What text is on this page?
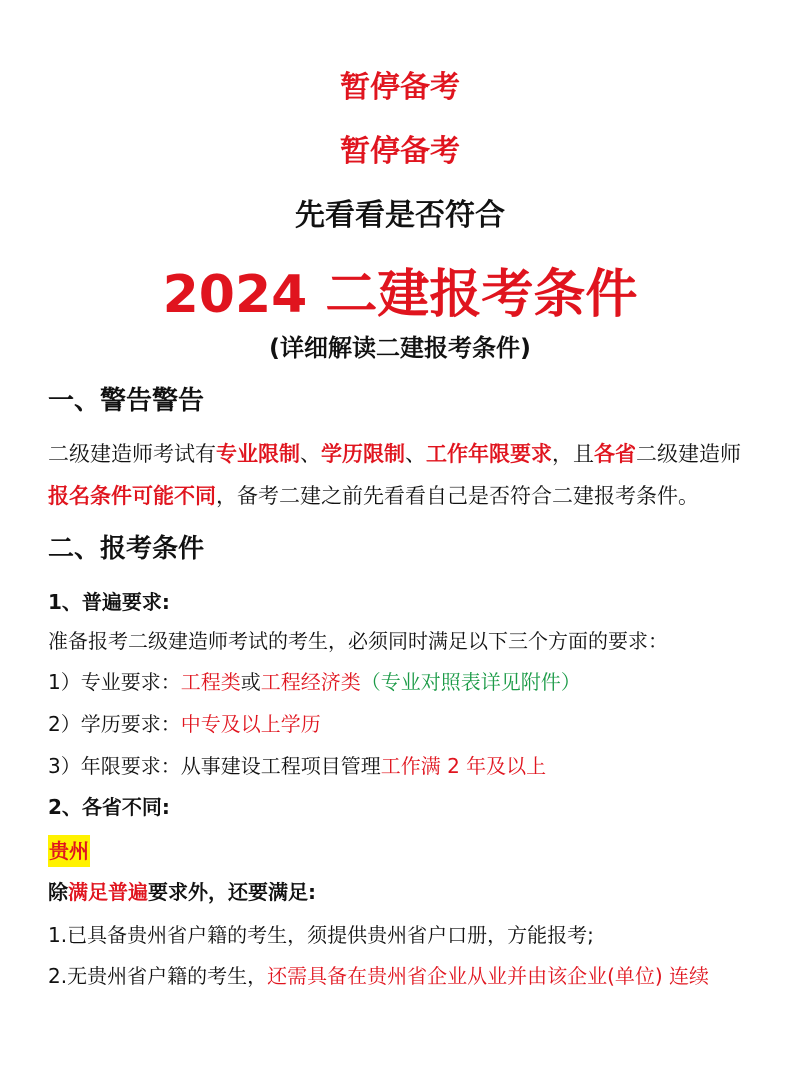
暂停备考
暂停备考
先看看是否符合
2024 二建报考条件
(详细解读二建报考条件)
一、警告警告
二级建造师考试有专业限制、学历限制、工作年限要求，且各省二级建造师
报名条件可能不同，备考二建之前先看看自己是否符合二建报考条件。
二、报考条件
1、普遍要求:
准备报考二级建造师考试的考生，必须同时满足以下三个方面的要求：
1）专业要求：工程类或工程经济类（专业对照表详见附件）
2）学历要求：中专及以上学历
3）年限要求：从事建设工程项目管理工作满 2 年及以上
2、各省不同:
贵州
除满足普遍要求外，还要满足:
1.已具备贵州省户籍的考生，须提供贵州省户口册，方能报考;
2.无贵州省户籍的考生，还需具备在贵州省企业从业并由该企业(单位) 连续
